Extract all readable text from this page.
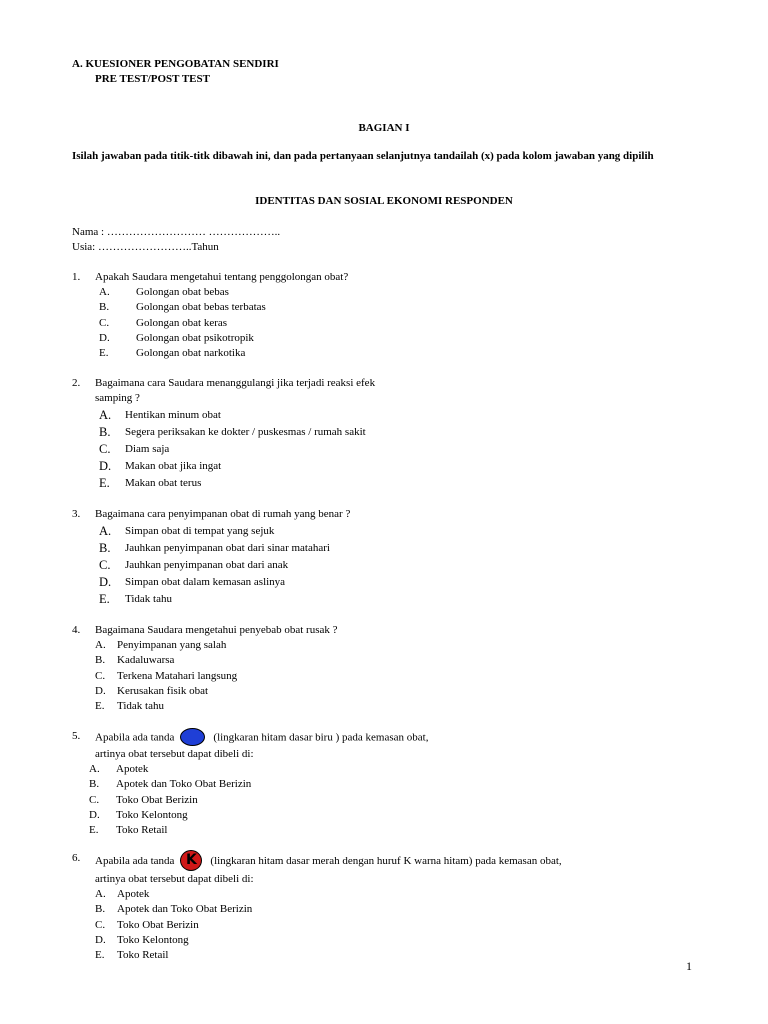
A. KUESIONER PENGOBATAN SENDIRI
PRE TEST/POST TEST
BAGIAN I
Isilah jawaban pada titik-titk dibawah ini, dan pada pertanyaan selanjutnya tandailah (x) pada kolom jawaban yang dipilih
IDENTITAS DAN SOSIAL EKONOMI RESPONDEN
Nama : ……………………… ………………..
Usia: ……………………..Tahun
1.	Apakah Saudara mengetahui tentang penggolongan obat?
A.	Golongan obat bebas
B.	Golongan obat bebas terbatas
C.	Golongan obat keras
D.	Golongan obat psikotropik
E.	Golongan obat narkotika
2.	Bagaimana cara Saudara menanggulangi jika terjadi reaksi efek
samping ?
A.	Hentikan minum obat
B.	Segera periksakan ke dokter / puskesmas / rumah sakit
C.	Diam saja
D.	Makan obat jika ingat
E.	Makan obat terus
3.	Bagaimana cara penyimpanan obat di rumah yang benar ?
A.	Simpan obat di tempat yang sejuk
B.	Jauhkan penyimpanan obat dari sinar matahari
C.	Jauhkan penyimpanan obat dari anak
D.	Simpan obat dalam kemasan aslinya
E.	Tidak tahu
4.	Bagaimana Saudara mengetahui penyebab obat rusak ?
A.	Penyimpanan yang salah
B.	Kadaluwarsa
C.	Terkena Matahari langsung
D.	Kerusakan fisik obat
E.	Tidak tahu
5.	Apabila ada tanda	(lingkaran hitam dasar biru ) pada kemasan obat,
artinya obat tersebut dapat dibeli di:
A.	Apotek
B.	Apotek dan Toko Obat Berizin
C.	Toko Obat Berizin
D.	Toko Kelontong
E.	Toko Retail
6.	Apabila ada tanda K (lingkaran hitam dasar merah dengan huruf K warna hitam) pada kemasan obat,
artinya obat tersebut dapat dibeli di:
A.	Apotek
B.	Apotek dan Toko Obat Berizin
C.	Toko Obat Berizin
D.	Toko Kelontong
E.	Toko Retail
1
